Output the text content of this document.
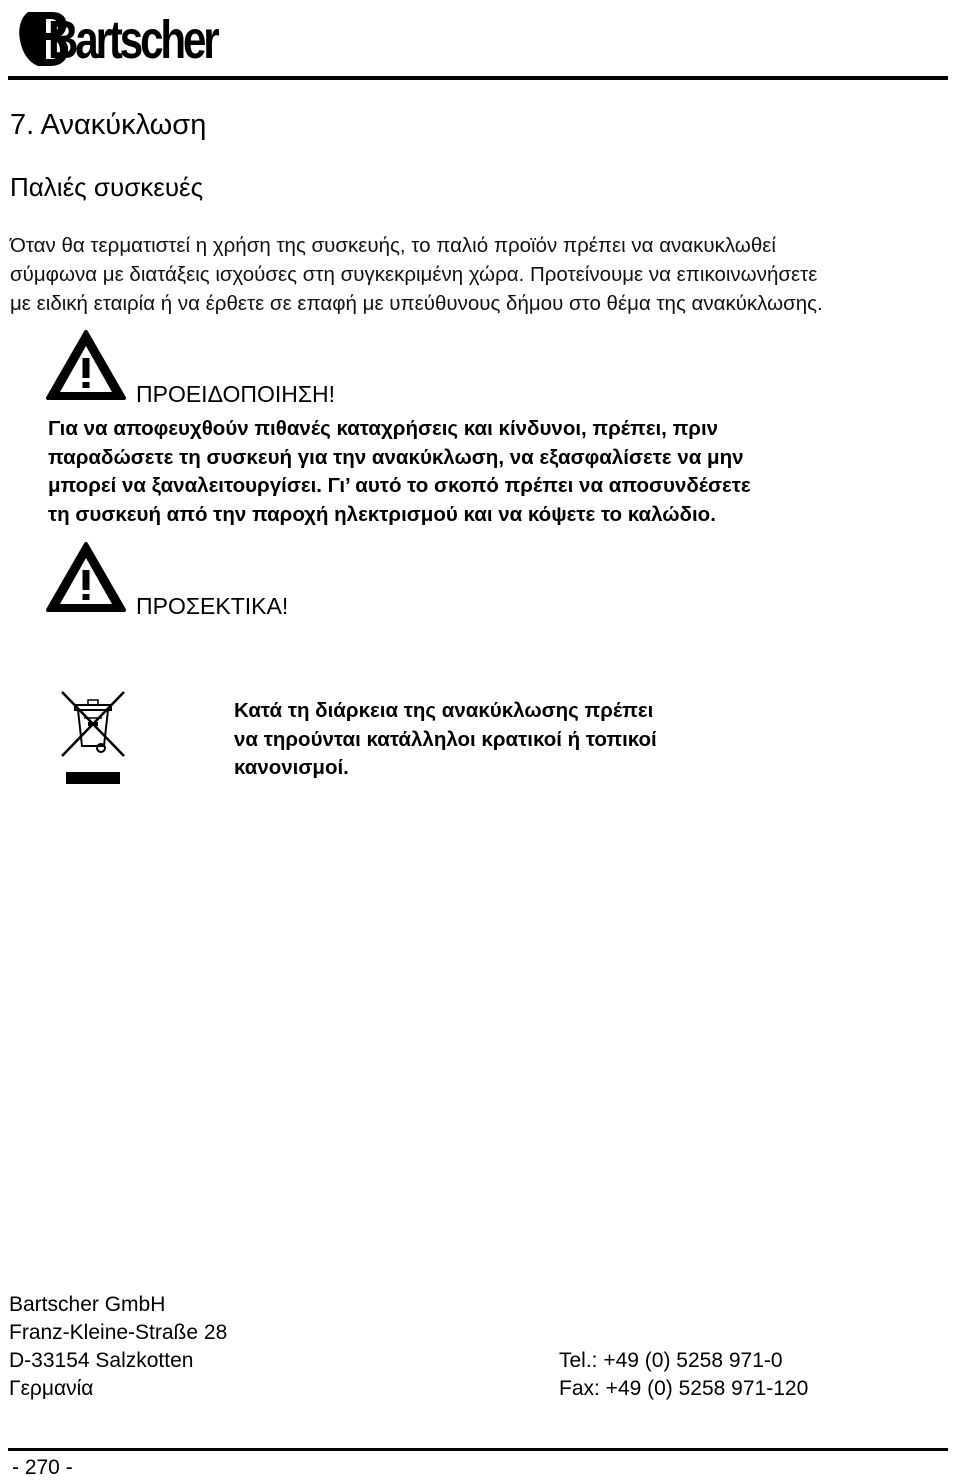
Bartscher
7. Ανακύκλωση
Παλιές συσκευές
Όταν θα τερματιστεί η χρήση της συσκευής, το παλιό προϊόν πρέπει να ανακυκλωθεί
σύμφωνα με διατάξεις ισχούσες στη συγκεκριμένη χώρα. Προτείνουμε να επικοινωνήσετε
με ειδική εταιρία ή να έρθετε σε επαφή με υπεύθυνους δήμου στο θέμα της ανακύκλωσης.
ΠΡΟΕΙΔΟΠΟΙΗΣΗ!
Για να αποφευχθούν πιθανές καταχρήσεις και κίνδυνοι, πρέπει, πριν
παραδώσετε τη συσκευή για την ανακύκλωση, να εξασφαλίσετε να μην
μπορεί να ξαναλειτουργίσει. Γι’ αυτό το σκοπό πρέπει να αποσυνδέσετε
τη συσκευή από την παροχή ηλεκτρισμού και να κόψετε το καλώδιο.
ΠΡΟΣΕΚΤΙΚΑ!
Κατά τη διάρκεια της ανακύκλωσης πρέπει
να τηρούνται κατάλληλοι κρατικοί ή τοπικοί
κανονισμοί.
Bartscher GmbH
Franz-Kleine-Straße 28
D-33154 Salzkotten
Γερμανία
Tel.: +49 (0) 5258 971-0
Fax: +49 (0) 5258 971-120
- 270 -
